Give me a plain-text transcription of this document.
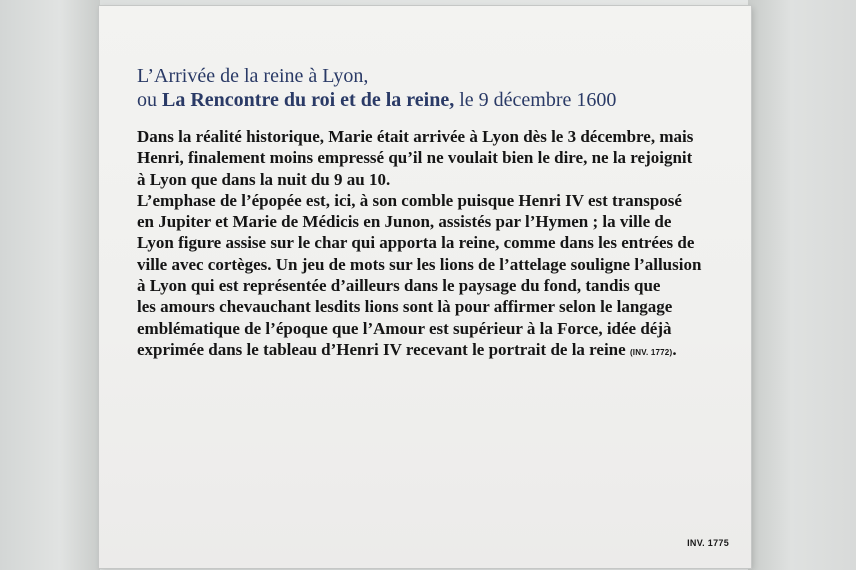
L’Arrivée de la reine à Lyon,
ou La Rencontre du roi et de la reine, le 9 décembre 1600
Dans la réalité historique, Marie était arrivée à Lyon dès le 3 décembre, mais
Henri, finalement moins empressé qu’il ne voulait bien le dire, ne la rejoignit
à Lyon que dans la nuit du 9 au 10.
L’emphase de l’épopée est, ici, à son comble puisque Henri IV est transposé
en Jupiter et Marie de Médicis en Junon, assistés par l’Hymen ; la ville de
Lyon figure assise sur le char qui apporta la reine, comme dans les entrées de
ville avec cortèges. Un jeu de mots sur les lions de l’attelage souligne l’allusion
à Lyon qui est représentée d’ailleurs dans le paysage du fond, tandis que
les amours chevauchant lesdits lions sont là pour affirmer selon le langage
emblématique de l’époque que l’Amour est supérieur à la Force, idée déjà
exprimée dans le tableau d’Henri IV recevant le portrait de la reine (INV. 1772).
INV. 1775
